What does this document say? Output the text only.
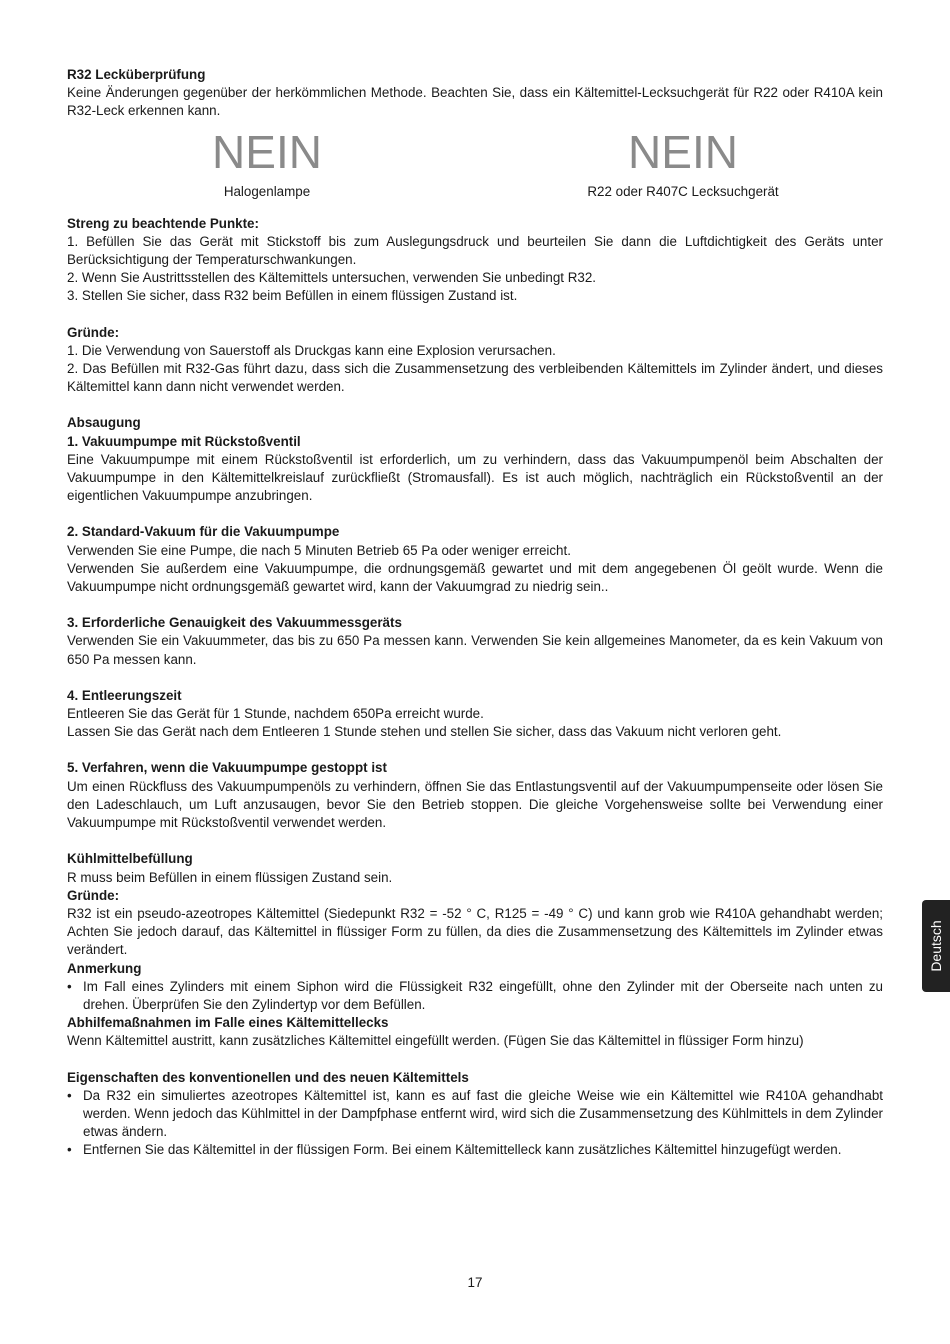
R32 Lecküberprüfung

Keine Änderungen gegenüber der herkömmlichen Methode. Beachten Sie, dass ein Kältemittel-Lecksuchgerät für R22 oder R410A kein R32-Leck erkennen kann.

NEIN
Halogenlampe
NEIN
R22 oder R407C Lecksuchgerät

Streng zu beachtende Punkte:

1. Befüllen Sie das Gerät mit Stickstoff bis zum Auslegungsdruck und beurteilen Sie dann die Luftdichtigkeit des Geräts unter Berücksichtigung der Temperaturschwankungen.

2. Wenn Sie Austrittsstellen des Kältemittels untersuchen, verwenden Sie unbedingt R32.

3. Stellen Sie sicher, dass R32 beim Befüllen in einem flüssigen Zustand ist.

Gründe:

1. Die Verwendung von Sauerstoff als Druckgas kann eine Explosion verursachen.

2. Das Befüllen mit R32-Gas führt dazu, dass sich die Zusammensetzung des verbleibenden Kältemittels im Zylinder ändert, und dieses Kältemittel kann dann nicht verwendet werden.

Absaugung

1. Vakuumpumpe mit Rückstoßventil

Eine Vakuumpumpe mit einem Rückstoßventil ist erforderlich, um zu verhindern, dass das Vakuumpumpenöl beim Abschalten der Vakuumpumpe in den Kältemittelkreislauf zurückfließt (Stromausfall). Es ist auch möglich, nachträglich ein Rückstoßventil an der eigentlichen Vakuumpumpe anzubringen.

2. Standard-Vakuum für die Vakuumpumpe

Verwenden Sie eine Pumpe, die nach 5 Minuten Betrieb 65 Pa oder weniger erreicht.

Verwenden Sie außerdem eine Vakuumpumpe, die ordnungsgemäß gewartet und mit dem angegebenen Öl geölt wurde. Wenn die Vakuumpumpe nicht ordnungsgemäß gewartet wird, kann der Vakuumgrad zu niedrig sein..

3. Erforderliche Genauigkeit des Vakuummessgeräts

Verwenden Sie ein Vakuummeter, das bis zu 650 Pa messen kann. Verwenden Sie kein allgemeines Manometer, da es kein Vakuum von 650 Pa messen kann.

4. Entleerungszeit

Entleeren Sie das Gerät für 1 Stunde, nachdem 650Pa erreicht wurde.

Lassen Sie das Gerät nach dem Entleeren 1 Stunde stehen und stellen Sie sicher, dass das Vakuum nicht verloren geht.

5. Verfahren, wenn die Vakuumpumpe gestoppt ist

Um einen Rückfluss des Vakuumpumpenöls zu verhindern, öffnen Sie das Entlastungsventil auf der Vakuumpumpenseite oder lösen Sie den Ladeschlauch, um Luft anzusaugen, bevor Sie den Betrieb stoppen. Die gleiche Vorgehensweise sollte bei Verwendung einer Vakuumpumpe mit Rückstoßventil verwendet werden.

Kühlmittelbefüllung

R muss beim Befüllen in einem flüssigen Zustand sein.

Gründe:

R32 ist ein pseudo-azeotropes Kältemittel (Siedepunkt R32 = -52 ° C, R125 = -49 ° C) und kann grob wie R410A gehandhabt werden; Achten Sie jedoch darauf, das Kältemittel in flüssiger Form zu füllen, da dies die Zusammensetzung des Kältemittels im Zylinder etwas verändert.

Anmerkung

• Im Fall eines Zylinders mit einem Siphon wird die Flüssigkeit R32 eingefüllt, ohne den Zylinder mit der Oberseite nach unten zu drehen. Überprüfen Sie den Zylindertyp vor dem Befüllen.

Abhilfemaßnahmen im Falle eines Kältemittellecks

Wenn Kältemittel austritt, kann zusätzliches Kältemittel eingefüllt werden. (Fügen Sie das Kältemittel in flüssiger Form hinzu)

Eigenschaften des konventionellen und des neuen Kältemittels

• Da R32 ein simuliertes azeotropes Kältemittel ist, kann es auf fast die gleiche Weise wie ein Kältemittel wie R410A gehandhabt werden. Wenn jedoch das Kühlmittel in der Dampfphase entfernt wird, wird sich die Zusammensetzung des Kühlmittels in dem Zylinder etwas ändern.
• Entfernen Sie das Kältemittel in der flüssigen Form. Bei einem Kältemittelleck kann zusätzliches Kältemittel hinzugefügt werden.
Deutsch
17
